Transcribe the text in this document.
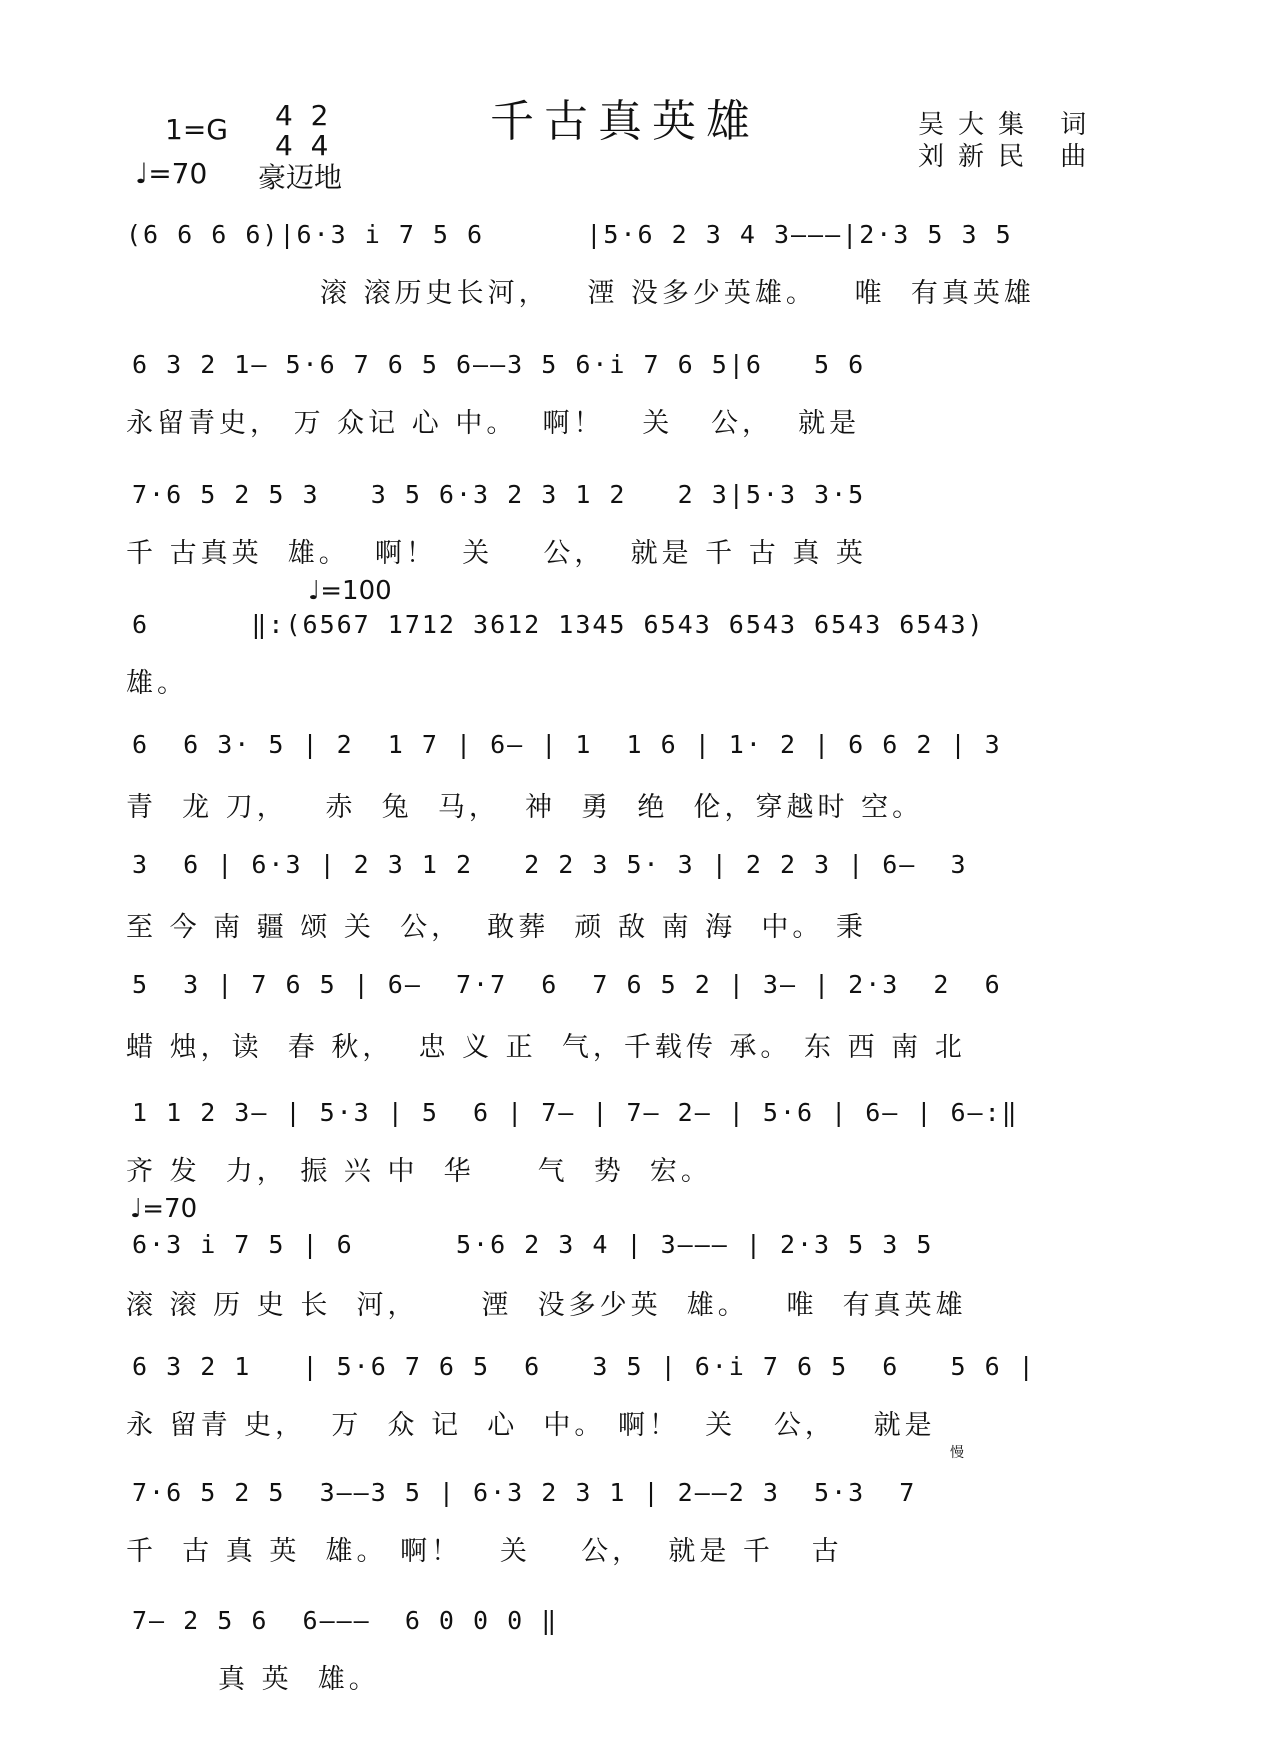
千古真英雄
1=G 4  2
4  4
♩=70 豪迈地
吴大集 词
刘新民 曲
(6 6 6 6)|6·3 i 7 5 6      |5·6 2 3 4 3———|2·3 5 3 5
滚 滚历史长河，   湮 没多少英雄。   唯  有真英雄
6 3 2 1— 5·6 7 6 5 6——3 5 6·i 7 6 5|6   5 6
永留青史， 万 众记 心 中。  啊！   关   公，  就是
7·6 5 2 5 3   3 5 6·3 2 3 1 2   2 3|5·3 3·5
千 古真英  雄。  啊！  关    公，  就是 千 古 真 英
♩=100
6      ‖:(6567 1712 3612 1345 6543 6543 6543 6543)
雄。
6  6 3· 5 | 2  1 7 | 6— | 1  1 6 | 1· 2 | 6 6 2 | 3
青  龙 刀，   赤  兔  马，  神  勇  绝  伦，穿越时 空。
3  6 | 6·3 | 2 3 1 2   2 2 3 5· 3 | 2 2 3 | 6—  3
至 今 南 疆 颂 关  公，  敢葬  顽 敌 南 海  中。 秉
5  3 | 7 6 5 | 6—  7·7  6  7 6 5 2 | 3— | 2·3  2  6
蜡 烛，读  春 秋，  忠 义 正  气，千载传 承。 东 西 南 北
1 1 2 3— | 5·3 | 5  6 | 7— | 7— 2— | 5·6 | 6— | 6—:‖
齐 发  力， 振 兴 中  华     气  势  宏。
♩=70
6·3 i 7 5 | 6      5·6 2 3 4 | 3——— | 2·3 5 3 5
滚 滚 历 史 长  河，     湮  没多少英  雄。   唯  有真英雄
6 3 2 1   | 5·6 7 6 5  6   3 5 | 6·i 7 6 5  6   5 6 |
永 留青 史，  万  众 记  心  中。 啊！  关   公，   就是
慢
7·6 5 2 5  3——3 5 | 6·3 2 3 1 | 2——2 3  5·3  7
千  古 真 英  雄。 啊！   关    公，  就是 千   古
7— 2 5 6  6———  6 0 0 0 ‖
真 英  雄。
